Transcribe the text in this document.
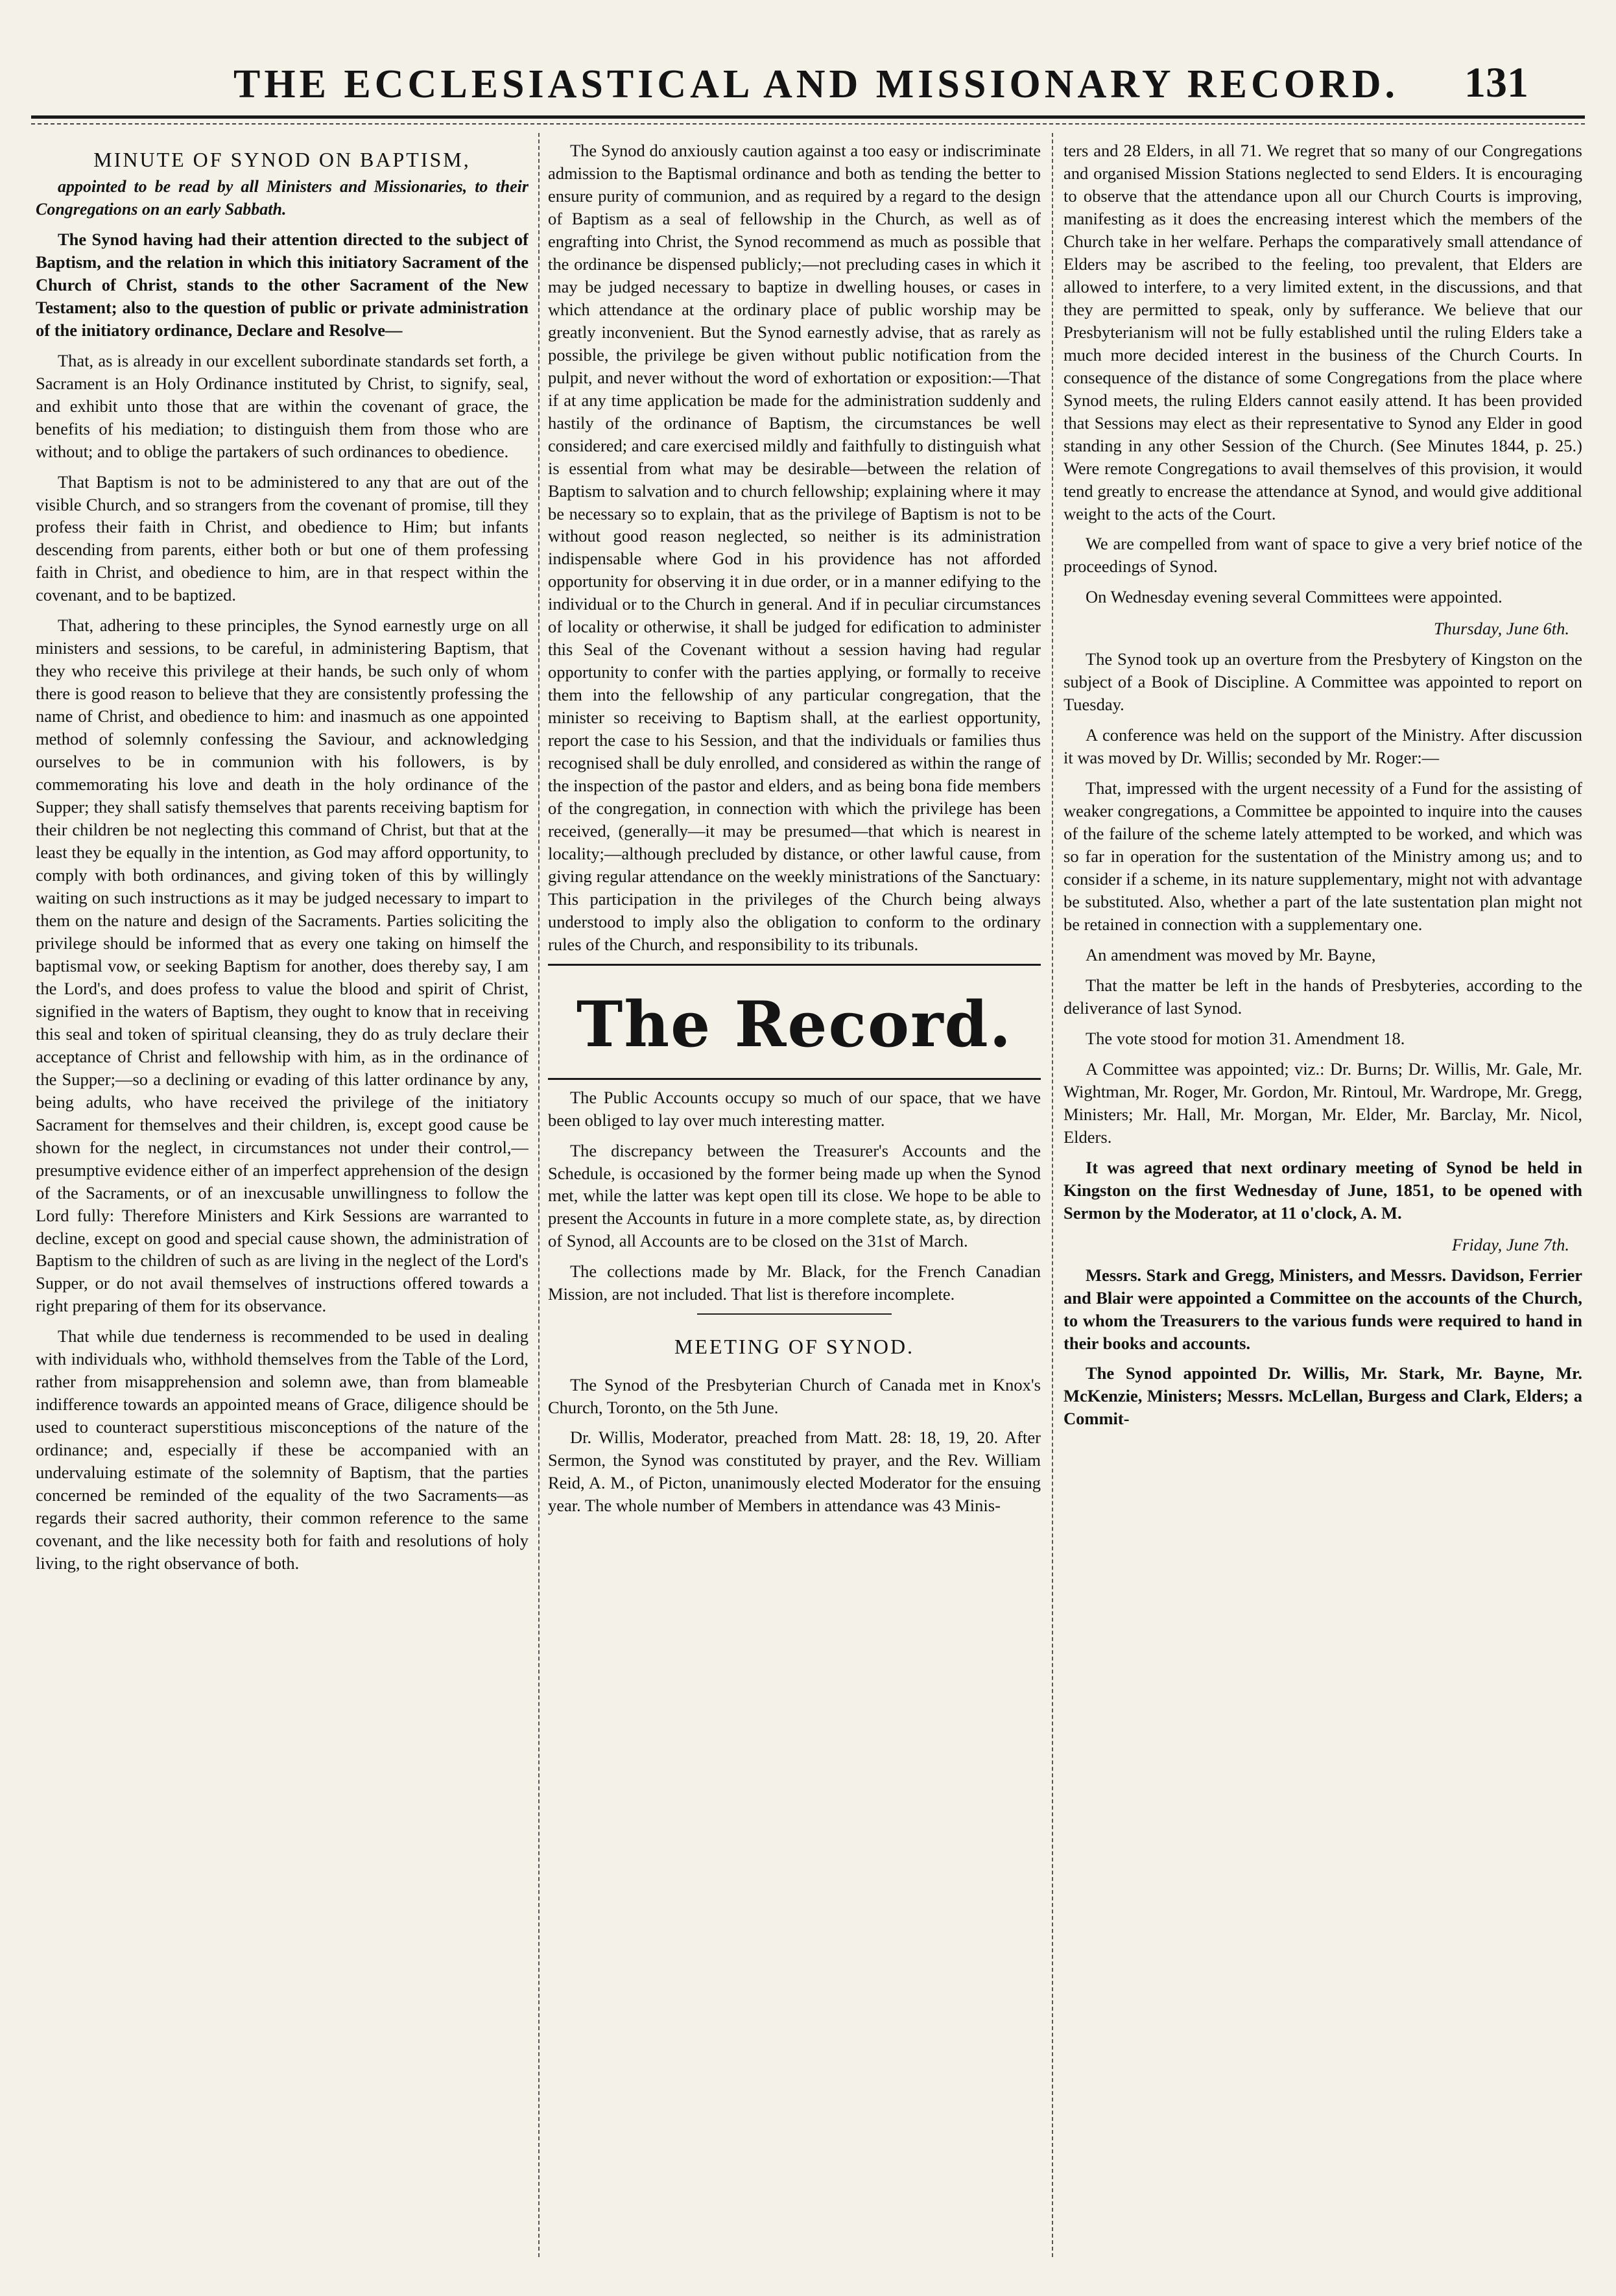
THE ECCLESIASTICAL AND MISSIONARY RECORD. 131
MINUTE OF SYNOD ON BAPTISM,

appointed to be read by all Ministers and Missionaries, to their Congregations on an early Sabbath.

The Synod having had their attention directed to the subject of Baptism, and the relation in which this initiatory Sacrament of the Church of Christ, stands to the other Sacrament of the New Testament; also to the question of public or private administration of the initiatory ordinance, Declare and Resolve—

That, as is already in our excellent subordinate standards set forth, a Sacrament is an Holy Ordinance instituted by Christ, to signify, seal, and exhibit unto those that are within the covenant of grace, the benefits of his mediation; to distinguish them from those who are without; and to oblige the partakers of such ordinances to obedience.

That Baptism is not to be administered to any that are out of the visible Church, and so strangers from the covenant of promise, till they profess their faith in Christ, and obedience to Him; but infants descending from parents, either both or but one of them professing faith in Christ, and obedience to him, are in that respect within the covenant, and to be baptized.

That, adhering to these principles, the Synod earnestly urge on all ministers and sessions, to be careful, in administering Baptism, that they who receive this privilege at their hands, be such only of whom there is good reason to believe that they are consistently professing the name of Christ, and obedience to him: and inasmuch as one appointed method of solemnly confessing the Saviour, and acknowledging ourselves to be in communion with his followers, is by commemorating his love and death in the holy ordinance of the Supper; they shall satisfy themselves that parents receiving baptism for their children be not neglecting this command of Christ, but that at the least they be equally in the intention, as God may afford opportunity, to comply with both ordinances, and giving token of this by willingly waiting on such instructions as it may be judged necessary to impart to them on the nature and design of the Sacraments. Parties soliciting the privilege should be informed that as every one taking on himself the baptismal vow, or seeking Baptism for another, does thereby say, I am the Lord's, and does profess to value the blood and spirit of Christ, signified in the waters of Baptism, they ought to know that in receiving this seal and token of spiritual cleansing, they do as truly declare their acceptance of Christ and fellowship with him, as in the ordinance of the Supper;—so a declining or evading of this latter ordinance by any, being adults, who have received the privilege of the initiatory Sacrament for themselves and their children, is, except good cause be shown for the neglect, in circumstances not under their control,—presumptive evidence either of an imperfect apprehension of the design of the Sacraments, or of an inexcusable unwillingness to follow the Lord fully: Therefore Ministers and Kirk Sessions are warranted to decline, except on good and special cause shown, the administration of Baptism to the children of such as are living in the neglect of the Lord's Supper, or do not avail themselves of instructions offered towards a right preparing of them for its observance.

That while due tenderness is recommended to be used in dealing with individuals who, withhold themselves from the Table of the Lord, rather from misapprehension and solemn awe, than from blameable indifference towards an appointed means of Grace, diligence should be used to counteract superstitious misconceptions of the nature of the ordinance; and, especially if these be accompanied with an undervaluing estimate of the solemnity of Baptism, that the parties concerned be reminded of the equality of the two Sacraments—as regards their sacred authority, their common reference to the same covenant, and the like necessity both for faith and resolutions of holy living, to the right observance of both.

The Synod do anxiously caution against a too easy or indiscriminate admission to the Baptismal ordinance and both as tending the better to ensure purity of communion, and as required by a regard to the design of Baptism as a seal of fellowship in the Church, as well as of engrafting into Christ, the Synod recommend as much as possible that the ordinance be dispensed publicly;—not precluding cases in which it may be judged necessary to baptize in dwelling houses, or cases in which attendance at the ordinary place of public worship may be greatly inconvenient. But the Synod earnestly advise, that as rarely as possible, the privilege be given without public notification from the pulpit, and never without the word of exhortation or exposition:—That if at any time application be made for the administration suddenly and hastily of the ordinance of Baptism, the circumstances be well considered; and care exercised mildly and faithfully to distinguish what is essential from what may be desirable—between the relation of Baptism to salvation and to church fellowship; explaining where it may be necessary so to explain, that as the privilege of Baptism is not to be without good reason neglected, so neither is its administration indispensable where God in his providence has not afforded opportunity for observing it in due order, or in a manner edifying to the individual or to the Church in general. And if in peculiar circumstances of locality or otherwise, it shall be judged for edification to administer this Seal of the Covenant without a session having had regular opportunity to confer with the parties applying, or formally to receive them into the fellowship of any particular congregation, that the minister so receiving to Baptism shall, at the earliest opportunity, report the case to his Session, and that the individuals or families thus recognised shall be duly enrolled, and considered as within the range of the inspection of the pastor and elders, and as being bona fide members of the congregation, in connection with which the privilege has been received, (generally—it may be presumed—that which is nearest in locality;—although precluded by distance, or other lawful cause, from giving regular attendance on the weekly ministrations of the Sanctuary: This participation in the privileges of the Church being always understood to imply also the obligation to conform to the ordinary rules of the Church, and responsibility to its tribunals.

The Record.

The Public Accounts occupy so much of our space, that we have been obliged to lay over much interesting matter.

The discrepancy between the Treasurer's Accounts and the Schedule, is occasioned by the former being made up when the Synod met, while the latter was kept open till its close. We hope to be able to present the Accounts in future in a more complete state, as, by direction of Synod, all Accounts are to be closed on the 31st of March.

The collections made by Mr. Black, for the French Canadian Mission, are not included. That list is therefore incomplete.

MEETING OF SYNOD.

The Synod of the Presbyterian Church of Canada met in Knox's Church, Toronto, on the 5th June.

Dr. Willis, Moderator, preached from Matt. 28: 18, 19, 20. After Sermon, the Synod was constituted by prayer, and the Rev. William Reid, A. M., of Picton, unanimously elected Moderator for the ensuing year. The whole number of Members in attendance was 43 Minis-

ters and 28 Elders, in all 71. We regret that so many of our Congregations and organised Mission Stations neglected to send Elders. It is encouraging to observe that the attendance upon all our Church Courts is improving, manifesting as it does the encreasing interest which the members of the Church take in her welfare. Perhaps the comparatively small attendance of Elders may be ascribed to the feeling, too prevalent, that Elders are allowed to interfere, to a very limited extent, in the discussions, and that they are permitted to speak, only by sufferance. We believe that our Presbyterianism will not be fully established until the ruling Elders take a much more decided interest in the business of the Church Courts. In consequence of the distance of some Congregations from the place where Synod meets, the ruling Elders cannot easily attend. It has been provided that Sessions may elect as their representative to Synod any Elder in good standing in any other Session of the Church. (See Minutes 1844, p. 25.) Were remote Congregations to avail themselves of this provision, it would tend greatly to encrease the attendance at Synod, and would give additional weight to the acts of the Court.

We are compelled from want of space to give a very brief notice of the proceedings of Synod.

On Wednesday evening several Committees were appointed.

Thursday, June 6th.

The Synod took up an overture from the Presbytery of Kingston on the subject of a Book of Discipline. A Committee was appointed to report on Tuesday.

A conference was held on the support of the Ministry. After discussion it was moved by Dr. Willis; seconded by Mr. Roger:—

That, impressed with the urgent necessity of a Fund for the assisting of weaker congregations, a Committee be appointed to inquire into the causes of the failure of the scheme lately attempted to be worked, and which was so far in operation for the sustentation of the Ministry among us; and to consider if a scheme, in its nature supplementary, might not with advantage be substituted. Also, whether a part of the late sustentation plan might not be retained in connection with a supplementary one.

An amendment was moved by Mr. Bayne,

That the matter be left in the hands of Presbyteries, according to the deliverance of last Synod.

The vote stood for motion 31. Amendment 18.

A Committee was appointed; viz.: Dr. Burns; Dr. Willis, Mr. Gale, Mr. Wightman, Mr. Roger, Mr. Gordon, Mr. Rintoul, Mr. Wardrope, Mr. Gregg, Ministers; Mr. Hall, Mr. Morgan, Mr. Elder, Mr. Barclay, Mr. Nicol, Elders.

It was agreed that next ordinary meeting of Synod be held in Kingston on the first Wednesday of June, 1851, to be opened with Sermon by the Moderator, at 11 o'clock, A. M.

Friday, June 7th.

Messrs. Stark and Gregg, Ministers, and Messrs. Davidson, Ferrier and Blair were appointed a Committee on the accounts of the Church, to whom the Treasurers to the various funds were required to hand in their books and accounts.

The Synod appointed Dr. Willis, Mr. Stark, Mr. Bayne, Mr. McKenzie, Ministers; Messrs. McLellan, Burgess and Clark, Elders; a Commit-
